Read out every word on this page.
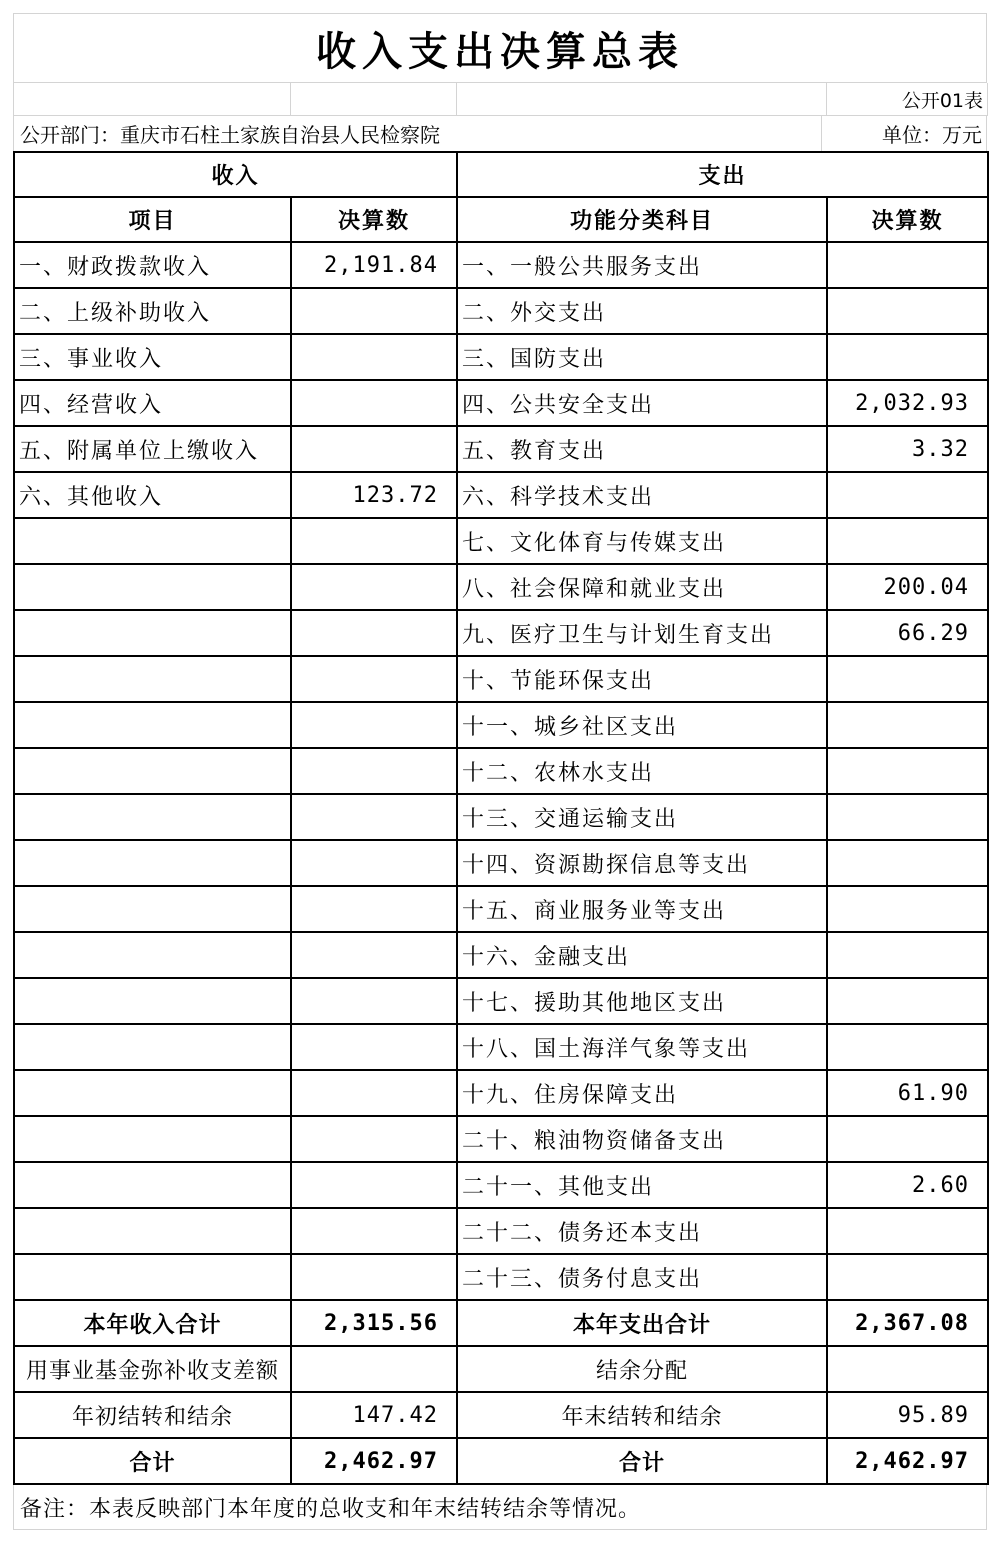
收入支出决算总表
公开01表
公开部门：重庆市石柱土家族自治县人民检察院	单位：万元
收入		支出	
项目	决算数	功能分类科目	决算数
一、财政拨款收入	2,191.84	一、一般公共服务支出	
二、上级补助收入		二、外交支出	
三、事业收入		三、国防支出	
四、经营收入		四、公共安全支出	2,032.93
五、附属单位上缴收入		五、教育支出	3.32
六、其他收入	123.72	六、科学技术支出	
		七、文化体育与传媒支出	
		八、社会保障和就业支出	200.04
		九、医疗卫生与计划生育支出	66.29
		十、节能环保支出	
		十一、城乡社区支出	
		十二、农林水支出	
		十三、交通运输支出	
		十四、资源勘探信息等支出	
		十五、商业服务业等支出	
		十六、金融支出	
		十七、援助其他地区支出	
		十八、国土海洋气象等支出	
		十九、住房保障支出	61.90
		二十、粮油物资储备支出	
		二十一、其他支出	2.60
		二十二、债务还本支出	
		二十三、债务付息支出	
本年收入合计	2,315.56	本年支出合计	2,367.08
用事业基金弥补收支差额		结余分配	
年初结转和结余	147.42	年末结转和结余	95.89
合计	2,462.97	合计	2,462.97
备注：本表反映部门本年度的总收支和年末结转结余等情况。
